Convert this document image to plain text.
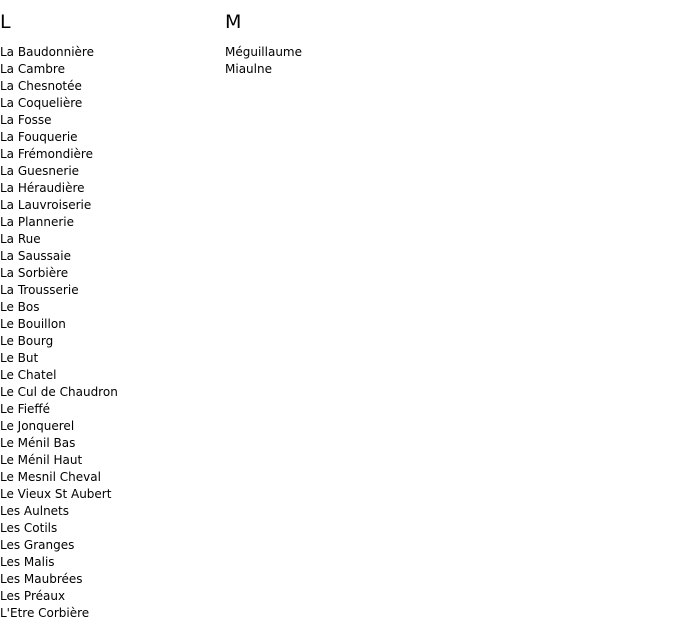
L
La Baudonnière
La Cambre
La Chesnotée
La Coquelière
La Fosse
La Fouquerie
La Frémondière
La Guesnerie
La Héraudière
La Lauvroiserie
La Plannerie
La Rue
La Saussaie
La Sorbière
La Trousserie
Le Bos
Le Bouillon
Le Bourg
Le But
Le Chatel
Le Cul de Chaudron
Le Fieffé
Le Jonquerel
Le Ménil Bas
Le Ménil Haut
Le Mesnil Cheval
Le Vieux St Aubert
Les Aulnets
Les Cotils
Les Granges
Les Malis
Les Maubrées
Les Préaux
L'Etre Corbière
M
Méguillaume
Miaulne
